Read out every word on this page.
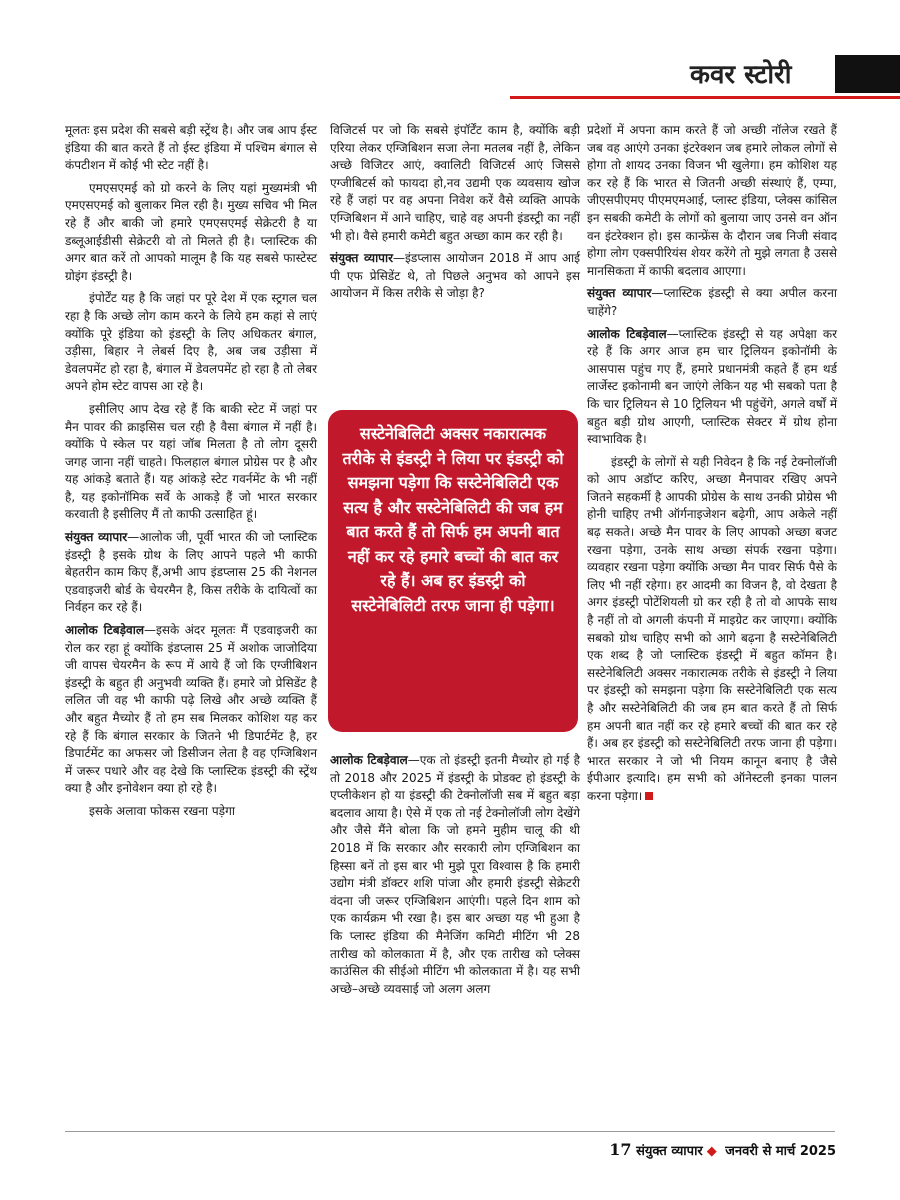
कवर स्टोरी

मूलतः इस प्रदेश की सबसे बड़ी स्ट्रेंथ है। और जब आप ईस्ट इंडिया की बात करते हैं तो ईस्ट इंडिया में पश्चिम बंगाल से कंपटीशन में कोई भी स्टेट नहीं है।

एमएसएमई को ग्रो करने के लिए यहां मुख्यमंत्री भी एमएसएमई को बुलाकर मिल रही है। मुख्य सचिव भी मिल रहे हैं और बाकी जो हमारे एमएसएमई सेक्रेटरी है या डब्लूआईडीसी सेक्रेटरी वो तो मिलते ही है। प्लास्टिक की अगर बात करें तो आपको मालूम है कि यह सबसे फास्टेस्ट ग्रोइंग इंडस्ट्री है।

इंपोर्टेंट यह है कि जहां पर पूरे देश में एक स्ट्रगल चल रहा है कि अच्छे लोग काम करने के लिये हम कहां से लाएं क्योंकि पूरे इंडिया को इंडस्ट्री के लिए अधिकतर बंगाल, उड़ीसा, बिहार ने लेबर्स दिए है, अब जब उड़ीसा में डेवलपमेंट हो रहा है, बंगाल में डेवलपमेंट हो रहा है तो लेबर अपने होम स्टेट वापस आ रहे है।

इसीलिए आप देख रहे हैं कि बाकी स्टेट में जहां पर मैन पावर की क्राइसिस चल रही है वैसा बंगाल में नहीं है। क्योंकि पे स्केल पर यहां जॉब मिलता है तो लोग दूसरी जगह जाना नहीं चाहते। फिलहाल बंगाल प्रोग्रेस पर है और यह आंकड़े बताते हैं। यह आंकड़े स्टेट गवर्नमेंट के भी नहीं है, यह इकोनॉमिक सर्वे के आकड़े हैं जो भारत सरकार करवाती है इसीलिए मैं तो काफी उत्साहित हूं।

संयुक्त व्यापार—आलोक जी, पूर्वी भारत की जो प्लास्टिक इंडस्ट्री है इसके ग्रोथ के लिए आपने पहले भी काफी बेहतरीन काम किए हैं,अभी आप इंडप्लास 25 की नेशनल एडवाइजरी बोर्ड के चेयरमैन है, किस तरीके के दायित्वों का निर्वहन कर रहे हैं।

आलोक टिबड़ेवाल—इसके अंदर मूलतः मैं एडवाइजरी का रोल कर रहा हूं क्योंकि इंडप्लास 25 में अशोक जाजोदिया जी वापस चेयरमैन के रूप में आये हैं जो कि एग्जीबिशन इंडस्ट्री के बहुत ही अनुभवी व्यक्ति हैं। हमारे जो प्रेसिडेंट है ललित जी वह भी काफी पढ़े लिखे और अच्छे व्यक्ति हैं और बहुत मैच्योर हैं तो हम सब मिलकर कोशिश यह कर रहे हैं कि बंगाल सरकार के जितने भी डिपार्टमेंट है, हर डिपार्टमेंट का अफसर जो डिसीजन लेता है वह एग्जिबिशन में जरूर पधारे और वह देखे कि प्लास्टिक इंडस्ट्री की स्ट्रेंथ क्या है और इनोवेशन क्या हो रहे है।

इसके अलावा फोकस रखना पड़ेगा

विजिटर्स पर जो कि सबसे इंपॉर्टेंट काम है, क्योंकि बड़ी एरिया लेकर एग्जिबिशन सजा लेना मतलब नहीं है, लेकिन अच्छे विजिटर आएं, क्वालिटी विजिटर्स आएं जिससे एग्जीबिटर्स को फायदा हो,नव उद्यमी एक व्यवसाय खोज रहे हैं जहां पर वह अपना निवेश करें वैसे व्यक्ति आपके एग्जिबिशन में आने चाहिए, चाहे वह अपनी इंडस्ट्री का नहीं भी हो। वैसे हमारी कमेटी बहुत अच्छा काम कर रही है।

संयुक्त व्यापार—इंडप्लास आयोजन 2018 में आप आई पी एफ प्रेसिडेंट थे, तो पिछले अनुभव को आपने इस आयोजन में किस तरीके से जोड़ा है?

सस्टेनेबिलिटी अक्सर नकारात्मक तरीके से इंडस्ट्री ने लिया पर इंडस्ट्री को समझना पड़ेगा कि सस्टेनेबिलिटी एक सत्य है और सस्टेनेबिलिटी की जब हम बात करते हैं तो सिर्फ हम अपनी बात नहीं कर रहे हमारे बच्चों की बात कर रहे हैं। अब हर इंडस्ट्री को सस्टेनेबिलिटी तरफ जाना ही पड़ेगा।

आलोक टिबड़ेवाल—एक तो इंडस्ट्री इतनी मैच्योर हो गई है तो 2018 और 2025 में इंडस्ट्री के प्रोडक्ट हो इंडस्ट्री के एप्लीकेशन हो या इंडस्ट्री की टेक्नोलॉजी सब में बहुत बड़ा बदलाव आया है। ऐसे में एक तो नई टेक्नोलॉजी लोग देखेंगे और जैसे मैंने बोला कि जो हमने मुहीम चालू की थी 2018 में कि सरकार और सरकारी लोग एग्जिबिशन का हिस्सा बनें तो इस बार भी मुझे पूरा विश्वास है कि हमारी उद्योग मंत्री डॉक्टर शशि पांजा और हमारी इंडस्ट्री सेक्रेटरी वंदना जी जरूर एग्जिबिशन आएंगी। पहले दिन शाम को एक कार्यक्रम भी रखा है। इस बार अच्छा यह भी हुआ है कि प्लास्ट इंडिया की मैनेजिंग कमिटी मीटिंग भी 28 तारीख को कोलकाता में है, और एक तारीख को प्लेक्स काउंसिल की सीईओ मीटिंग भी कोलकाता में है। यह सभी अच्छे–अच्छे व्यवसाई जो अलग अलग

प्रदेशों में अपना काम करते हैं जो अच्छी नॉलेज रखते हैं जब वह आएंगे उनका इंटरेक्शन जब हमारे लोकल लोगों से होगा तो शायद उनका विजन भी खुलेगा। हम कोशिश यह कर रहे हैं कि भारत से जितनी अच्छी संस्थाएं हैं, एम्पा, जीएसपीएमए पीएमएमआई, प्लास्ट इंडिया, प्लेक्स कांसिल इन सबकी कमेटी के लोगों को बुलाया जाए उनसे वन ऑन वन इंटरेक्शन हो। इस कान्फ्रेंस के दौरान जब निजी संवाद होगा लोग एक्सपीरियंस शेयर करेंगे तो मुझे लगता है उससे मानसिकता में काफी बदलाव आएगा।

संयुक्त व्यापार—प्लास्टिक इंडस्ट्री से क्या अपील करना चाहेंगे?

आलोक टिबड़ेवाल—प्लास्टिक इंडस्ट्री से यह अपेक्षा कर रहे हैं कि अगर आज हम चार ट्रिलियन इकोनॉमी के आसपास पहुंच गए हैं, हमारे प्रधानमंत्री कहते हैं हम थर्ड लार्जेस्ट इकोनामी बन जाएंगे लेकिन यह भी सबको पता है कि चार ट्रिलियन से 10 ट्रिलियन भी पहुंचेंगे, अगले वर्षों में बहुत बड़ी ग्रोथ आएगी, प्लास्टिक सेक्टर में ग्रोथ होना स्वाभाविक है।

इंडस्ट्री के लोगों से यही निवेदन है कि नई टेक्नोलॉजी को आप अडॉप्ट करिए, अच्छा मैनपावर रखिए अपने जितने सहकर्मी है आपकी प्रोग्रेस के साथ उनकी प्रोग्रेस भी होनी चाहिए तभी ऑर्गनाइजेशन बढ़ेगी, आप अकेले नहीं बढ़ सकते। अच्छे मैन पावर के लिए आपको अच्छा बजट रखना पड़ेगा, उनके साथ अच्छा संपर्क रखना पड़ेगा। व्यवहार रखना पड़ेगा क्योंकि अच्छा मैन पावर सिर्फ पैसे के लिए भी नहीं रहेगा। हर आदमी का विजन है, वो देखता है अगर इंडस्ट्री पोटेंशियली ग्रो कर रही है तो वो आपके साथ है नहीं तो वो अगली कंपनी में माइग्रेट कर जाएगा। क्योंकि सबको ग्रोथ चाहिए सभी को आगे बढ़ना है सस्टेनेबिलिटी एक शब्द है जो प्लास्टिक इंडस्ट्री में बहुत कॉमन है। सस्टेनेबिलिटी अक्सर नकारात्मक तरीके से इंडस्ट्री ने लिया पर इंडस्ट्री को समझना पड़ेगा कि सस्टेनेबिलिटी एक सत्य है और सस्टेनेबिलिटी की जब हम बात करते हैं तो सिर्फ हम अपनी बात नहीं कर रहे हमारे बच्चों की बात कर रहे हैं। अब हर इंडस्ट्री को सस्टेनेबिलिटी तरफ जाना ही पड़ेगा। भारत सरकार ने जो भी नियम कानून बनाए है जैसे ईपीआर इत्यादि। हम सभी को ऑनेस्टली इनका पालन करना पड़ेगा।

17 संयुक्त व्यापार ◆ जनवरी से मार्च 2025
